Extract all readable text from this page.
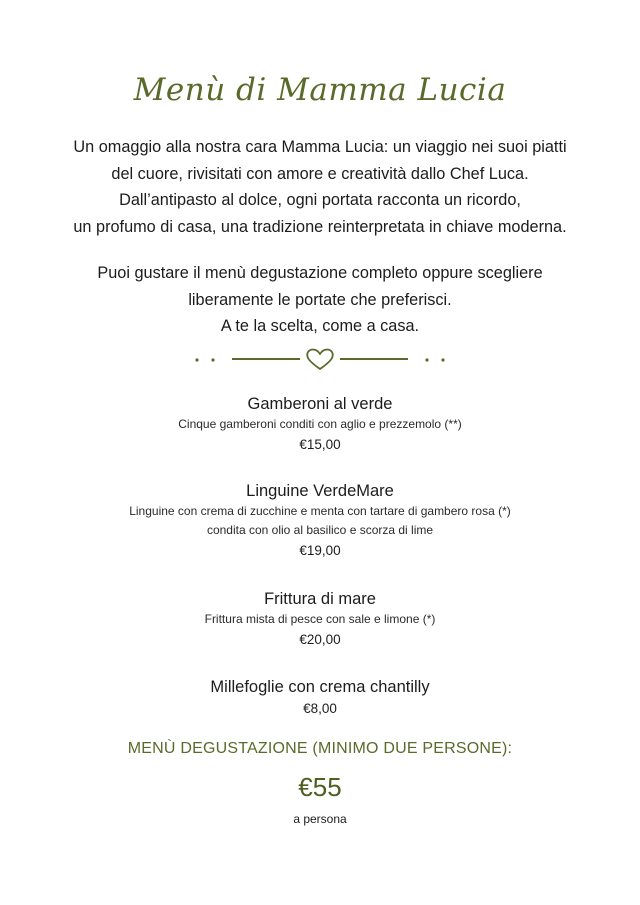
Menù di Mamma Lucia
Un omaggio alla nostra cara Mamma Lucia: un viaggio nei suoi piatti
del cuore, rivisitati con amore e creatività dallo Chef Luca.
Dall’antipasto al dolce, ogni portata racconta un ricordo,
un profumo di casa, una tradizione reinterpretata in chiave moderna.
Puoi gustare il menù degustazione completo oppure scegliere
liberamente le portate che preferisci.
A te la scelta, come a casa.
Gamberoni al verde
Cinque gamberoni conditi con aglio e prezzemolo (**)
€15,00
Linguine VerdeMare
Linguine con crema di zucchine e menta con tartare di gambero rosa (*)
condita con olio al basilico e scorza di lime
€19,00
Frittura di mare
Frittura mista di pesce con sale e limone (*)
€20,00
Millefoglie con crema chantilly
€8,00
MENÙ DEGUSTAZIONE (MINIMO DUE PERSONE):
€55
a persona
